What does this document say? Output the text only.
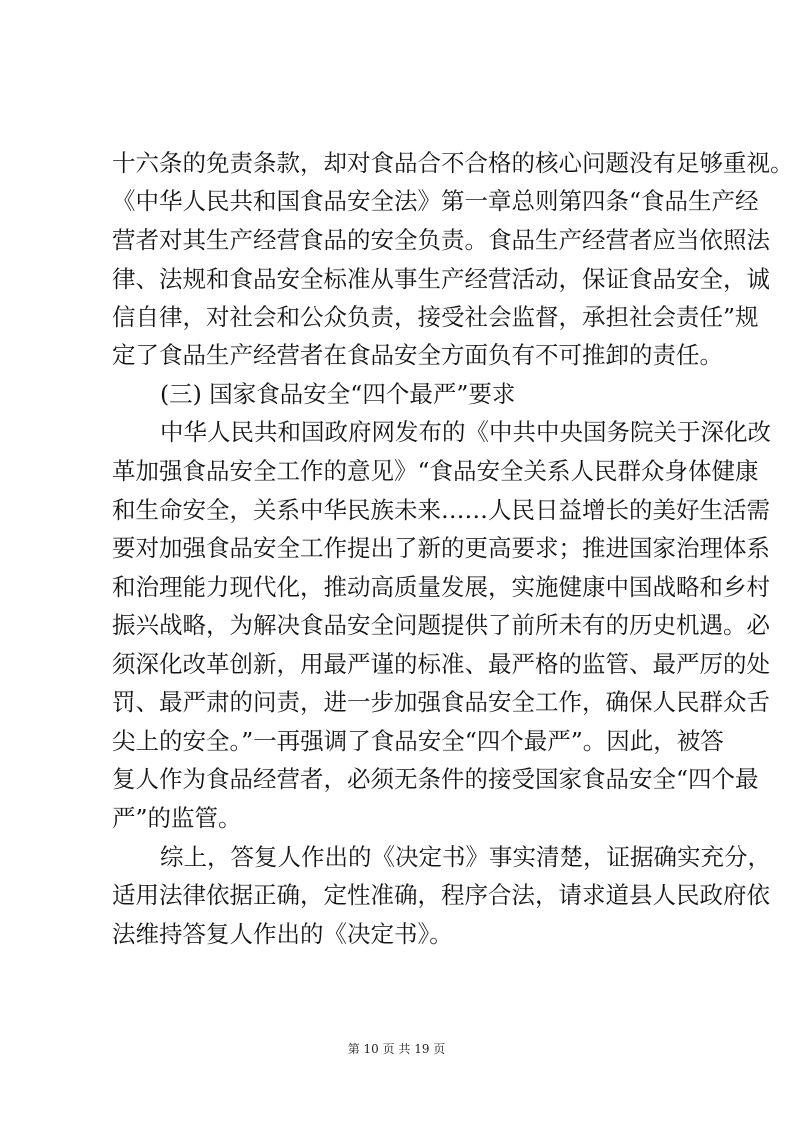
十六条的免责条款，却对食品合不合格的核心问题没有足够重视。
《中华人民共和国食品安全法》第一章总则第四条“食品生产经
营者对其生产经营食品的安全负责。食品生产经营者应当依照法
律、法规和食品安全标准从事生产经营活动，保证食品安全，诚
信自律，对社会和公众负责，接受社会监督，承担社会责任”规
定了食品生产经营者在食品安全方面负有不可推卸的责任。
(三) 国家食品安全“四个最严”要求
中华人民共和国政府网发布的《中共中央国务院关于深化改
革加强食品安全工作的意见》“食品安全关系人民群众身体健康
和生命安全，关系中华民族未来……人民日益增长的美好生活需
要对加强食品安全工作提出了新的更高要求；推进国家治理体系
和治理能力现代化，推动高质量发展，实施健康中国战略和乡村
振兴战略，为解决食品安全问题提供了前所未有的历史机遇。必
须深化改革创新，用最严谨的标准、最严格的监管、最严厉的处
罚、最严肃的问责，进一步加强食品安全工作，确保人民群众舌
尖上的安全。”一再强调了食品安全“四个最严”。因此，被答
复人作为食品经营者，必须无条件的接受国家食品安全“四个最
严”的监管。
综上，答复人作出的《决定书》事实清楚，证据确实充分，
适用法律依据正确，定性准确，程序合法，请求道县人民政府依
法维持答复人作出的《决定书》。
第 10 页 共 19 页
